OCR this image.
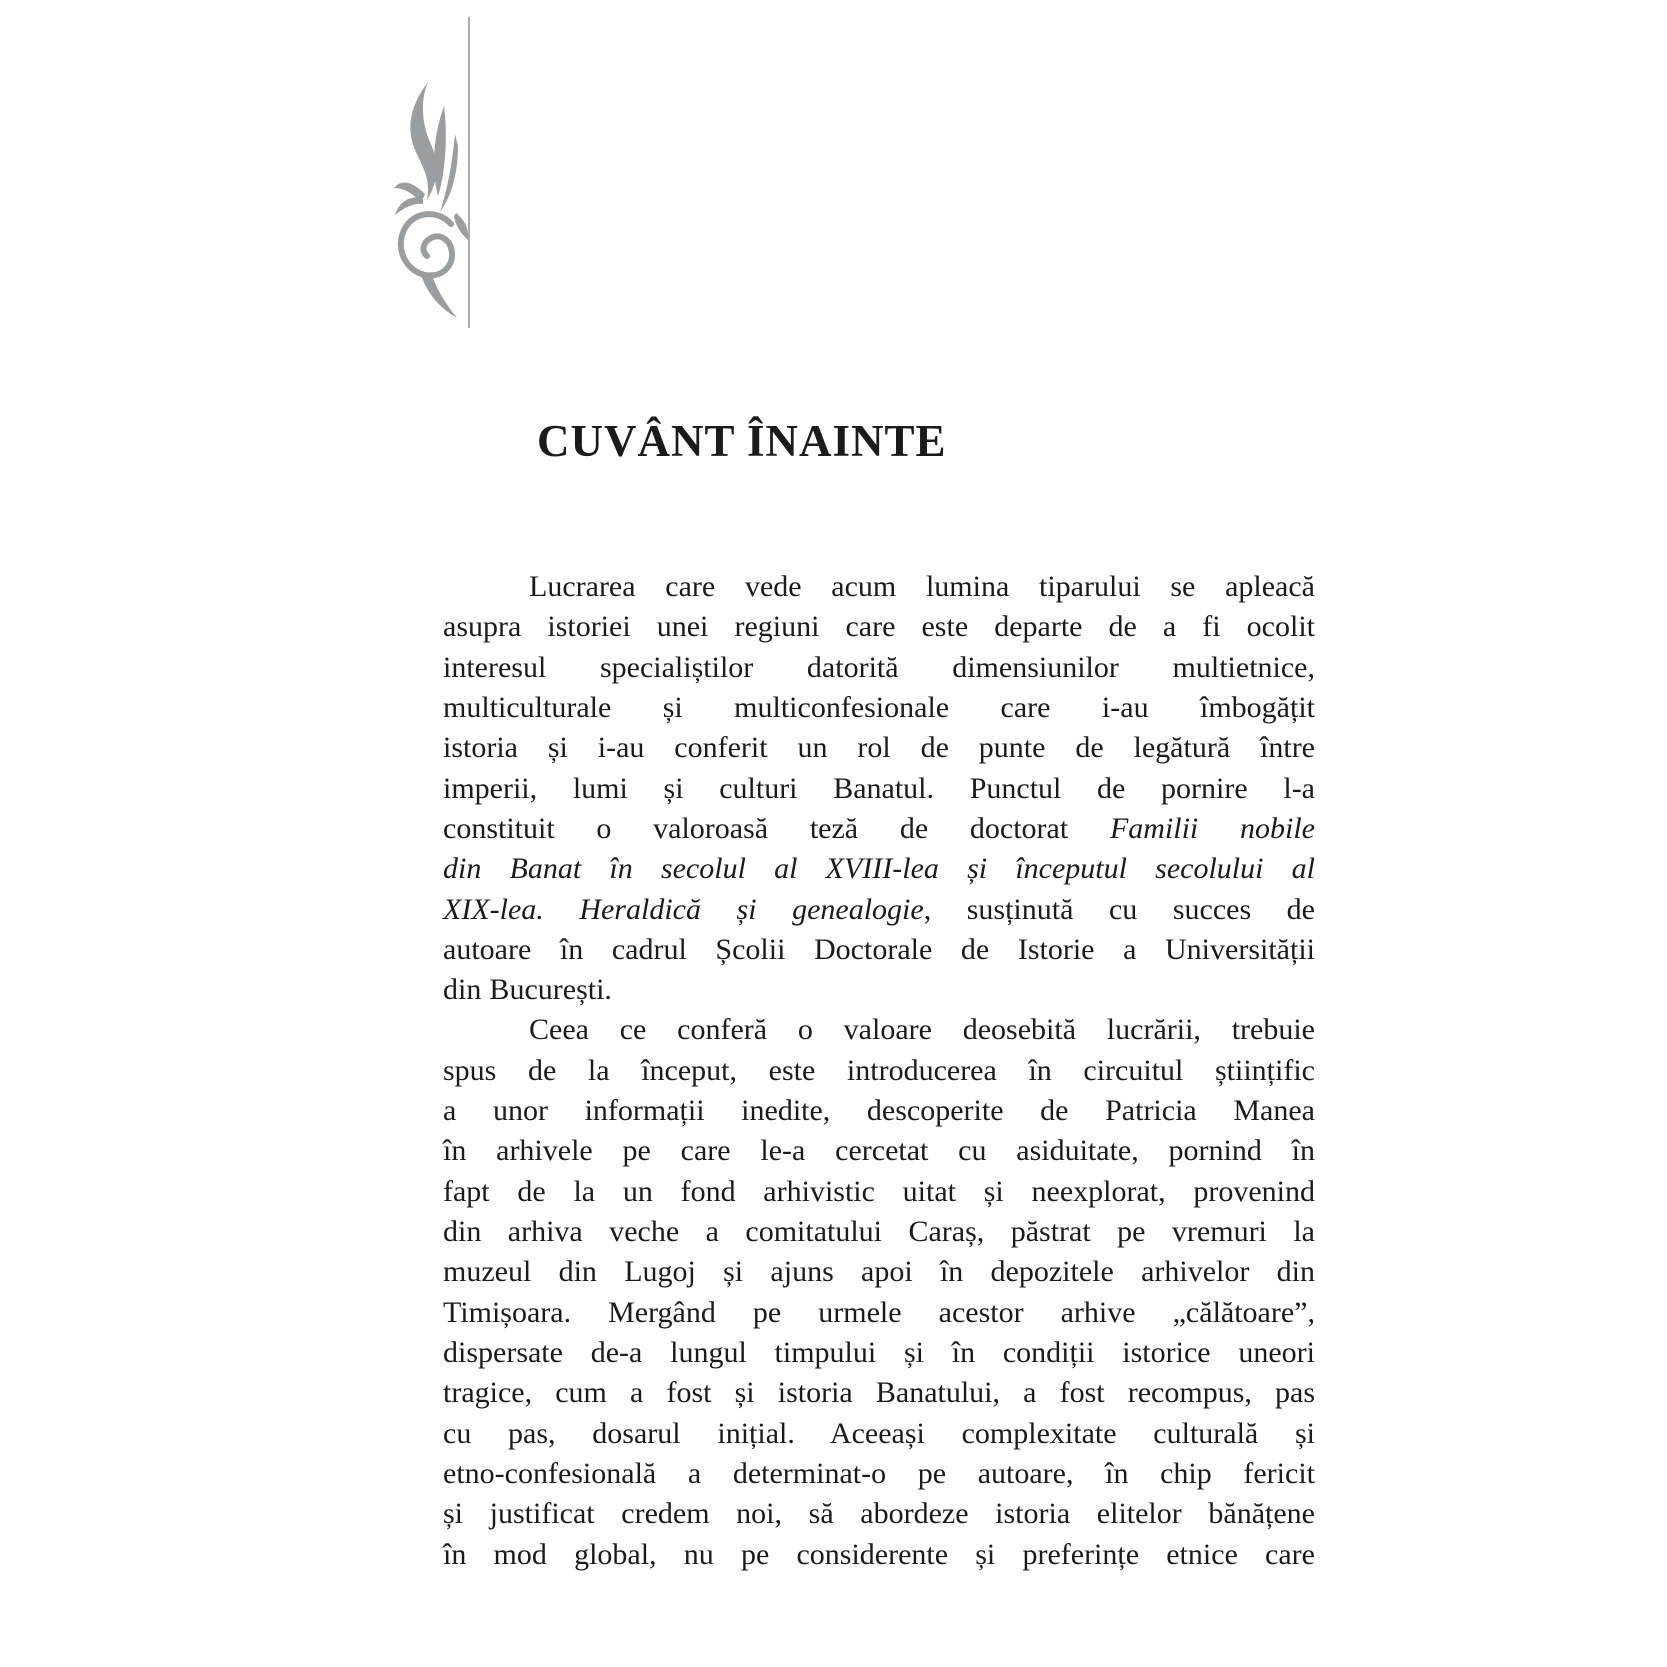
CUVÂNT ÎNAINTE
Lucrarea care vede acum lumina tiparului se apleacă
asupra istoriei unei regiuni care este departe de a fi ocolit
interesul specialiștilor datorită dimensiunilor multietnice,
multiculturale și multiconfesionale care i-au îmbogățit
istoria și i-au conferit un rol de punte de legătură între
imperii, lumi și culturi Banatul. Punctul de pornire l-a
constituit o valoroasă teză de doctorat Familii nobile
din Banat în secolul al XVIII-lea și începutul secolului al
XIX-lea. Heraldică și genealogie, susținută cu succes de
autoare în cadrul Școlii Doctorale de Istorie a Universității
din București.
Ceea ce conferă o valoare deosebită lucrării, trebuie
spus de la început, este introducerea în circuitul științific
a unor informații inedite, descoperite de Patricia Manea
în arhivele pe care le-a cercetat cu asiduitate, pornind în
fapt de la un fond arhivistic uitat și neexplorat, provenind
din arhiva veche a comitatului Caraș, păstrat pe vremuri la
muzeul din Lugoj și ajuns apoi în depozitele arhivelor din
Timișoara. Mergând pe urmele acestor arhive „călătoare”,
dispersate de-a lungul timpului și în condiții istorice uneori
tragice, cum a fost și istoria Banatului, a fost recompus, pas
cu pas, dosarul inițial. Aceeași complexitate culturală și
etno-confesională a determinat-o pe autoare, în chip fericit
și justificat credem noi, să abordeze istoria elitelor bănățene
în mod global, nu pe considerente și preferințe etnice care
